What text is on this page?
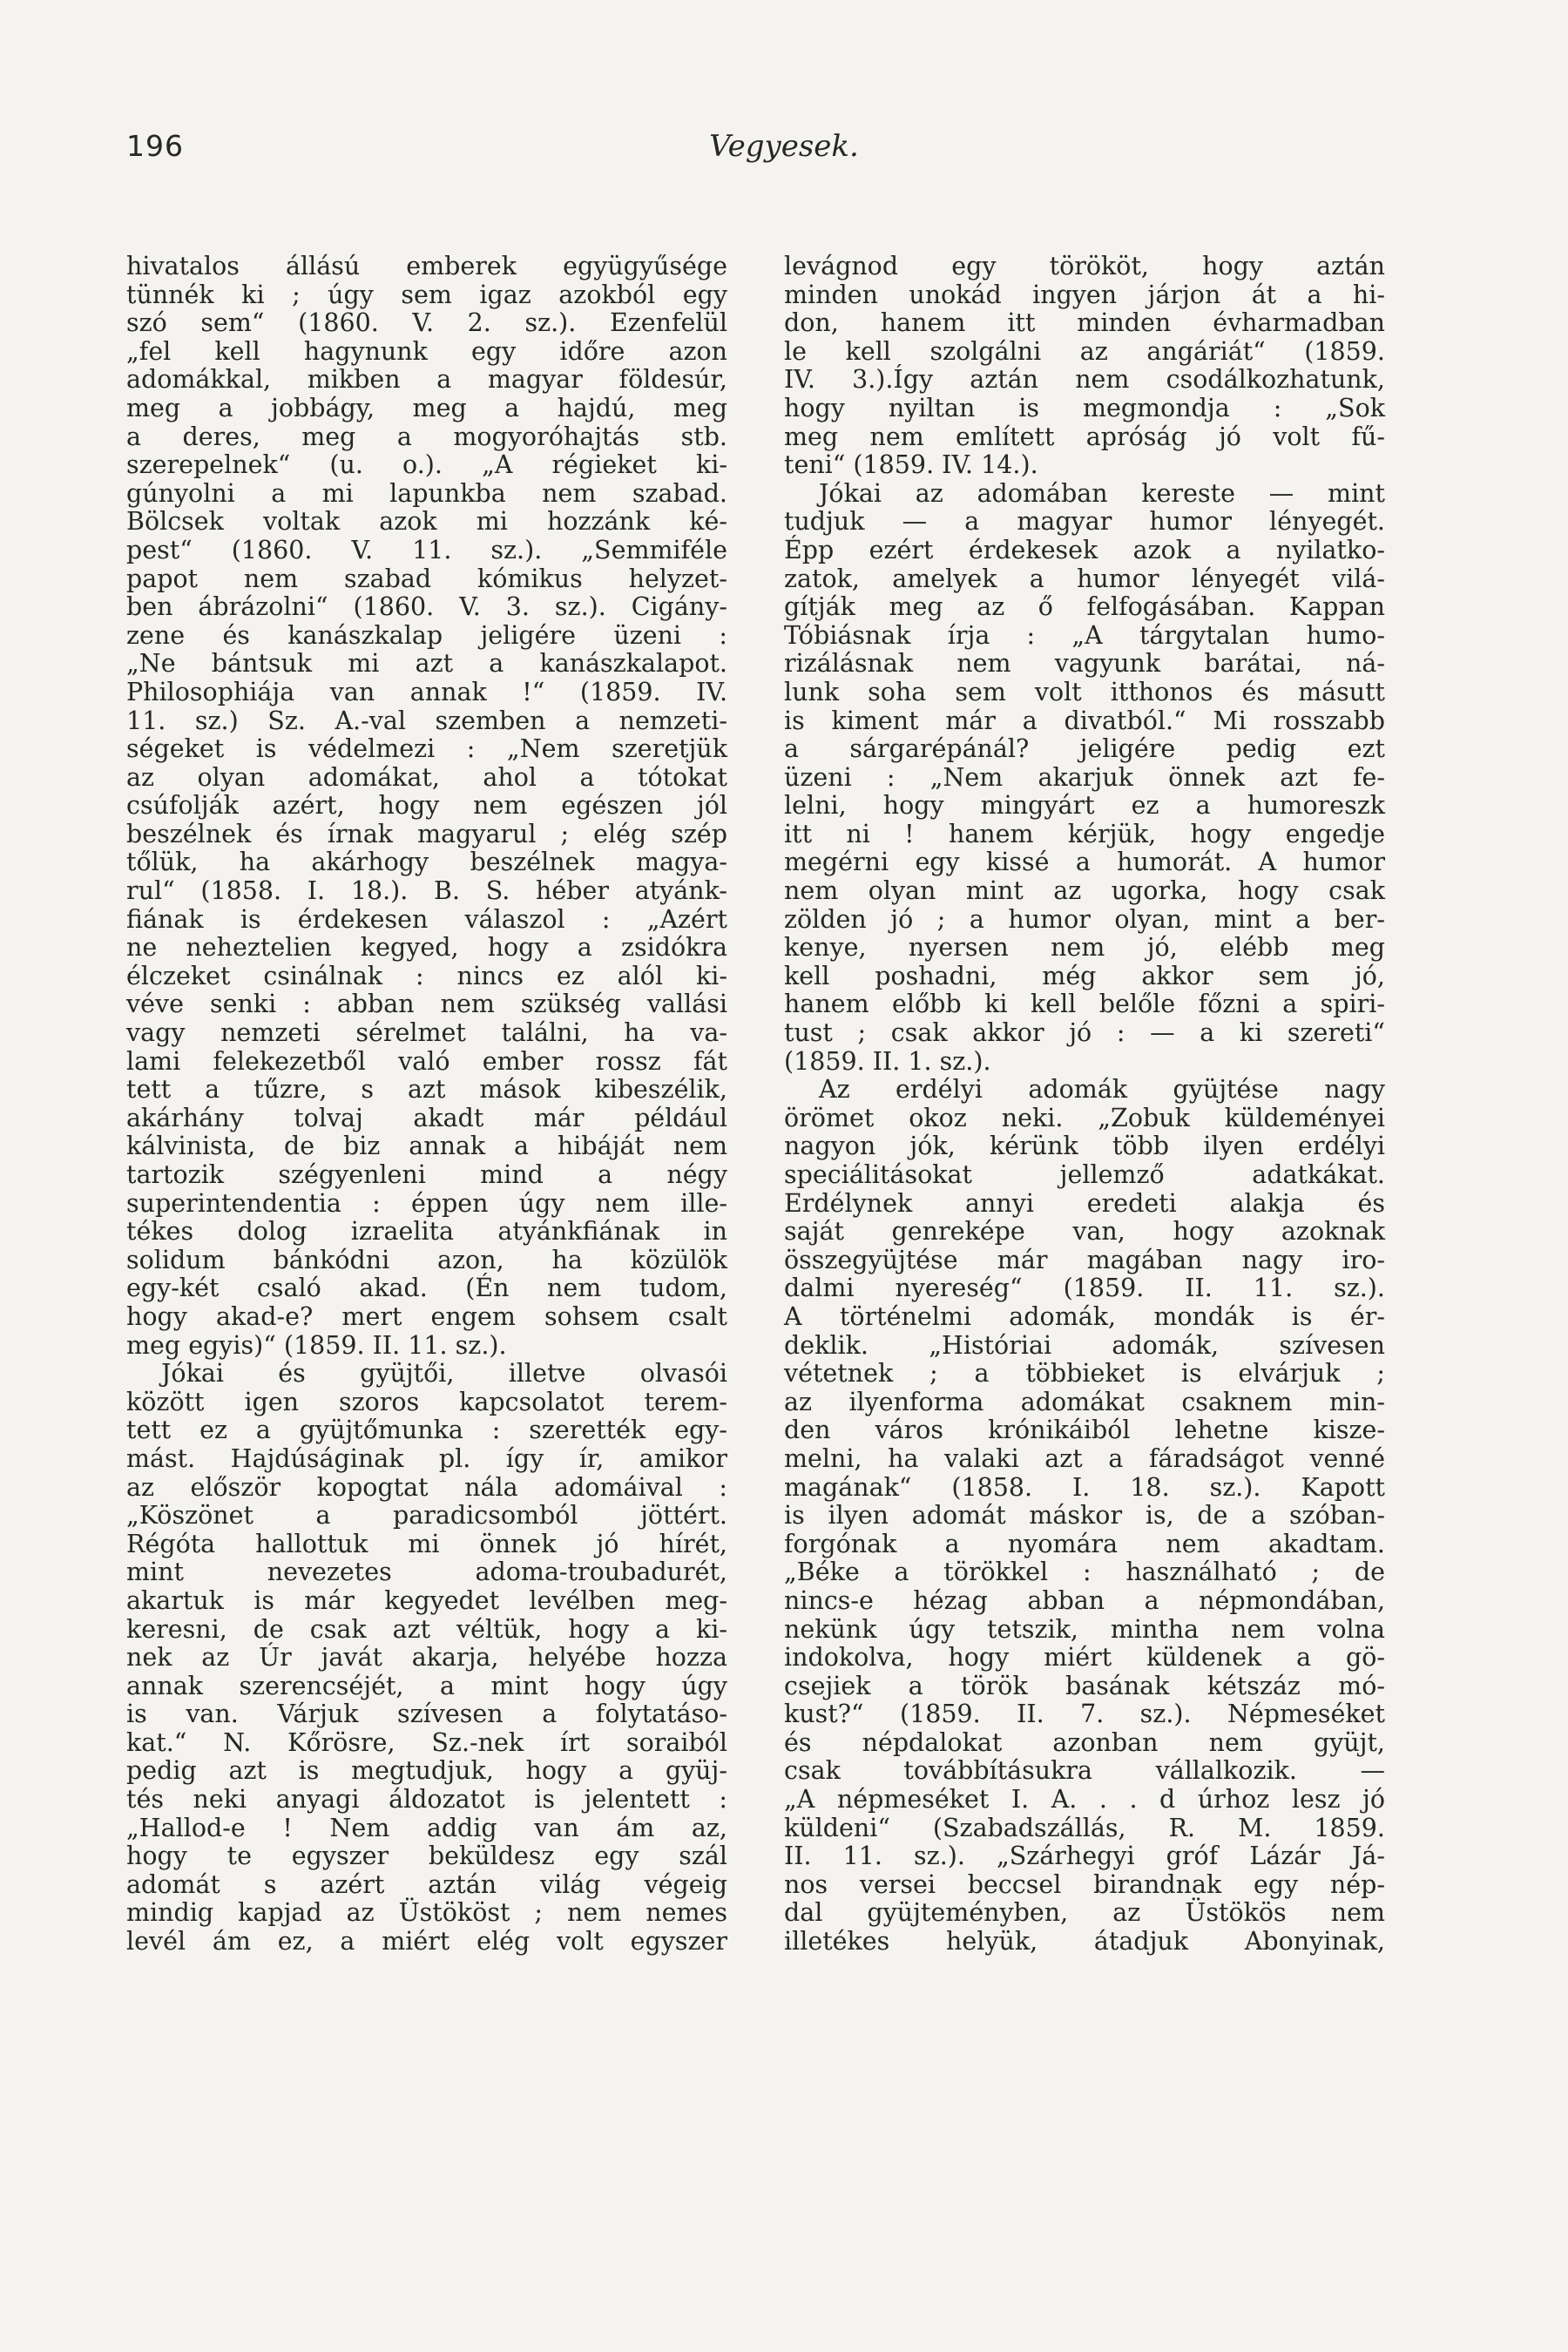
196	Vegyesek.
hivatalos állású emberek együgyűsége
tünnék ki ; úgy sem igaz azokból egy
szó sem“ (1860. V. 2. sz.). Ezenfelül
„fel kell hagynunk egy időre azon
adomákkal, mikben a magyar földesúr,
meg a jobbágy, meg a hajdú, meg
a deres, meg a mogyoróhajtás stb.
szerepelnek“ (u. o.). „A régieket ki-
gúnyolni a mi lapunkba nem szabad.
Bölcsek voltak azok mi hozzánk ké-
pest“ (1860. V. 11. sz.). „Semmiféle
papot nem szabad kómikus helyzet-
ben ábrázolni“ (1860. V. 3. sz.). Cigány-
zene és kanászkalap jeligére üzeni :
„Ne bántsuk mi azt a kanászkalapot.
Philosophiája van annak !“ (1859. IV.
11. sz.) Sz. A.-val szemben a nemzeti-
ségeket is védelmezi : „Nem szeretjük
az olyan adomákat, ahol a tótokat
csúfolják azért, hogy nem egészen jól
beszélnek és írnak magyarul ; elég szép
tőlük, ha akárhogy beszélnek magya-
rul“ (1858. I. 18.). B. S. héber atyánk-
fiának is érdekesen válaszol : „Azért
ne neheztelien kegyed, hogy a zsidókra
élczeket csinálnak : nincs ez alól ki-
véve senki : abban nem szükség vallási
vagy nemzeti sérelmet találni, ha va-
lami felekezetből való ember rossz fát
tett a tűzre, s azt mások kibeszélik,
akárhány tolvaj akadt már például
kálvinista, de biz annak a hibáját nem
tartozik szégyenleni mind a négy
superintendentia : éppen úgy nem ille-
tékes dolog izraelita atyánkfiának in
solidum bánkódni azon, ha közülök
egy-két csaló akad. (Én nem tudom,
hogy akad-e? mert engem sohsem csalt
meg egyis)“ (1859. II. 11. sz.).
Jókai és gyüjtői, illetve olvasói
között igen szoros kapcsolatot terem-
tett ez a gyüjtőmunka : szerették egy-
mást. Hajdúságinak pl. így ír, amikor
az először kopogtat nála adomáival :
„Köszönet a paradicsomból jöttért.
Régóta hallottuk mi önnek jó hírét,
mint nevezetes adoma-troubadurét,
akartuk is már kegyedet levélben meg-
keresni, de csak azt véltük, hogy a ki-
nek az Úr javát akarja, helyébe hozza
annak szerencséjét, a mint hogy úgy
is van. Várjuk szívesen a folytatáso-
kat.“ N. Kőrösre, Sz.-nek írt soraiból
pedig azt is megtudjuk, hogy a gyüj-
tés neki anyagi áldozatot is jelentett :
„Hallod-e ! Nem addig van ám az,
hogy te egyszer beküldesz egy szál
adomát s azért aztán világ végeig
mindig kapjad az Üstököst ; nem nemes
levél ám ez, a miért elég volt egyszer
levágnod egy törököt, hogy aztán
minden unokád ingyen járjon át a hi-
don, hanem itt minden évharmadban
le kell szolgálni az angáriát“ (1859.
IV. 3.).Így aztán nem csodálkozhatunk,
hogy nyiltan is megmondja : „Sok
meg nem említett apróság jó volt fű-
teni“ (1859. IV. 14.).
Jókai az adomában kereste — mint
tudjuk — a magyar humor lényegét.
Épp ezért érdekesek azok a nyilatko-
zatok, amelyek a humor lényegét vilá-
gítják meg az ő felfogásában. Kappan
Tóbiásnak írja : „A tárgytalan humo-
rizálásnak nem vagyunk barátai, ná-
lunk soha sem volt itthonos és másutt
is kiment már a divatból.“ Mi rosszabb
a sárgarépánál? jeligére pedig ezt
üzeni : „Nem akarjuk önnek azt fe-
lelni, hogy mingyárt ez a humoreszk
itt ni ! hanem kérjük, hogy engedje
megérni egy kissé a humorát. A humor
nem olyan mint az ugorka, hogy csak
zölden jó ; a humor olyan, mint a ber-
kenye, nyersen nem jó, elébb meg
kell poshadni, még akkor sem jó,
hanem előbb ki kell belőle főzni a spiri-
tust ; csak akkor jó : — a ki szereti“
(1859. II. 1. sz.).
Az erdélyi adomák gyüjtése nagy
örömet okoz neki. „Zobuk küldeményei
nagyon jók, kérünk több ilyen erdélyi
speciálitásokat jellemző adatkákat.
Erdélynek annyi eredeti alakja és
saját genreképe van, hogy azoknak
összegyüjtése már magában nagy iro-
dalmi nyereség“ (1859. II. 11. sz.).
A történelmi adomák, mondák is ér-
deklik. „Históriai adomák, szívesen
vétetnek ; a többieket is elvárjuk ;
az ilyenforma adomákat csaknem min-
den város krónikáiból lehetne kisze-
melni, ha valaki azt a fáradságot venné
magának“ (1858. I. 18. sz.). Kapott
is ilyen adomát máskor is, de a szóban-
forgónak a nyomára nem akadtam.
„Béke a törökkel : használható ; de
nincs-e hézag abban a népmondában,
nekünk úgy tetszik, mintha nem volna
indokolva, hogy miért küldenek a gö-
csejiek a török basának kétszáz mó-
kust?“ (1859. II. 7. sz.). Népmeséket
és népdalokat azonban nem gyüjt,
csak továbbításukra vállalkozik. —
„A népmeséket I. A. . . d úrhoz lesz jó
küldeni“ (Szabadszállás, R. M. 1859.
II. 11. sz.). „Szárhegyi gróf Lázár Já-
nos versei beccsel birandnak egy nép-
dal gyüjteményben, az Üstökös nem
illetékes helyük, átadjuk Abonyinak,
